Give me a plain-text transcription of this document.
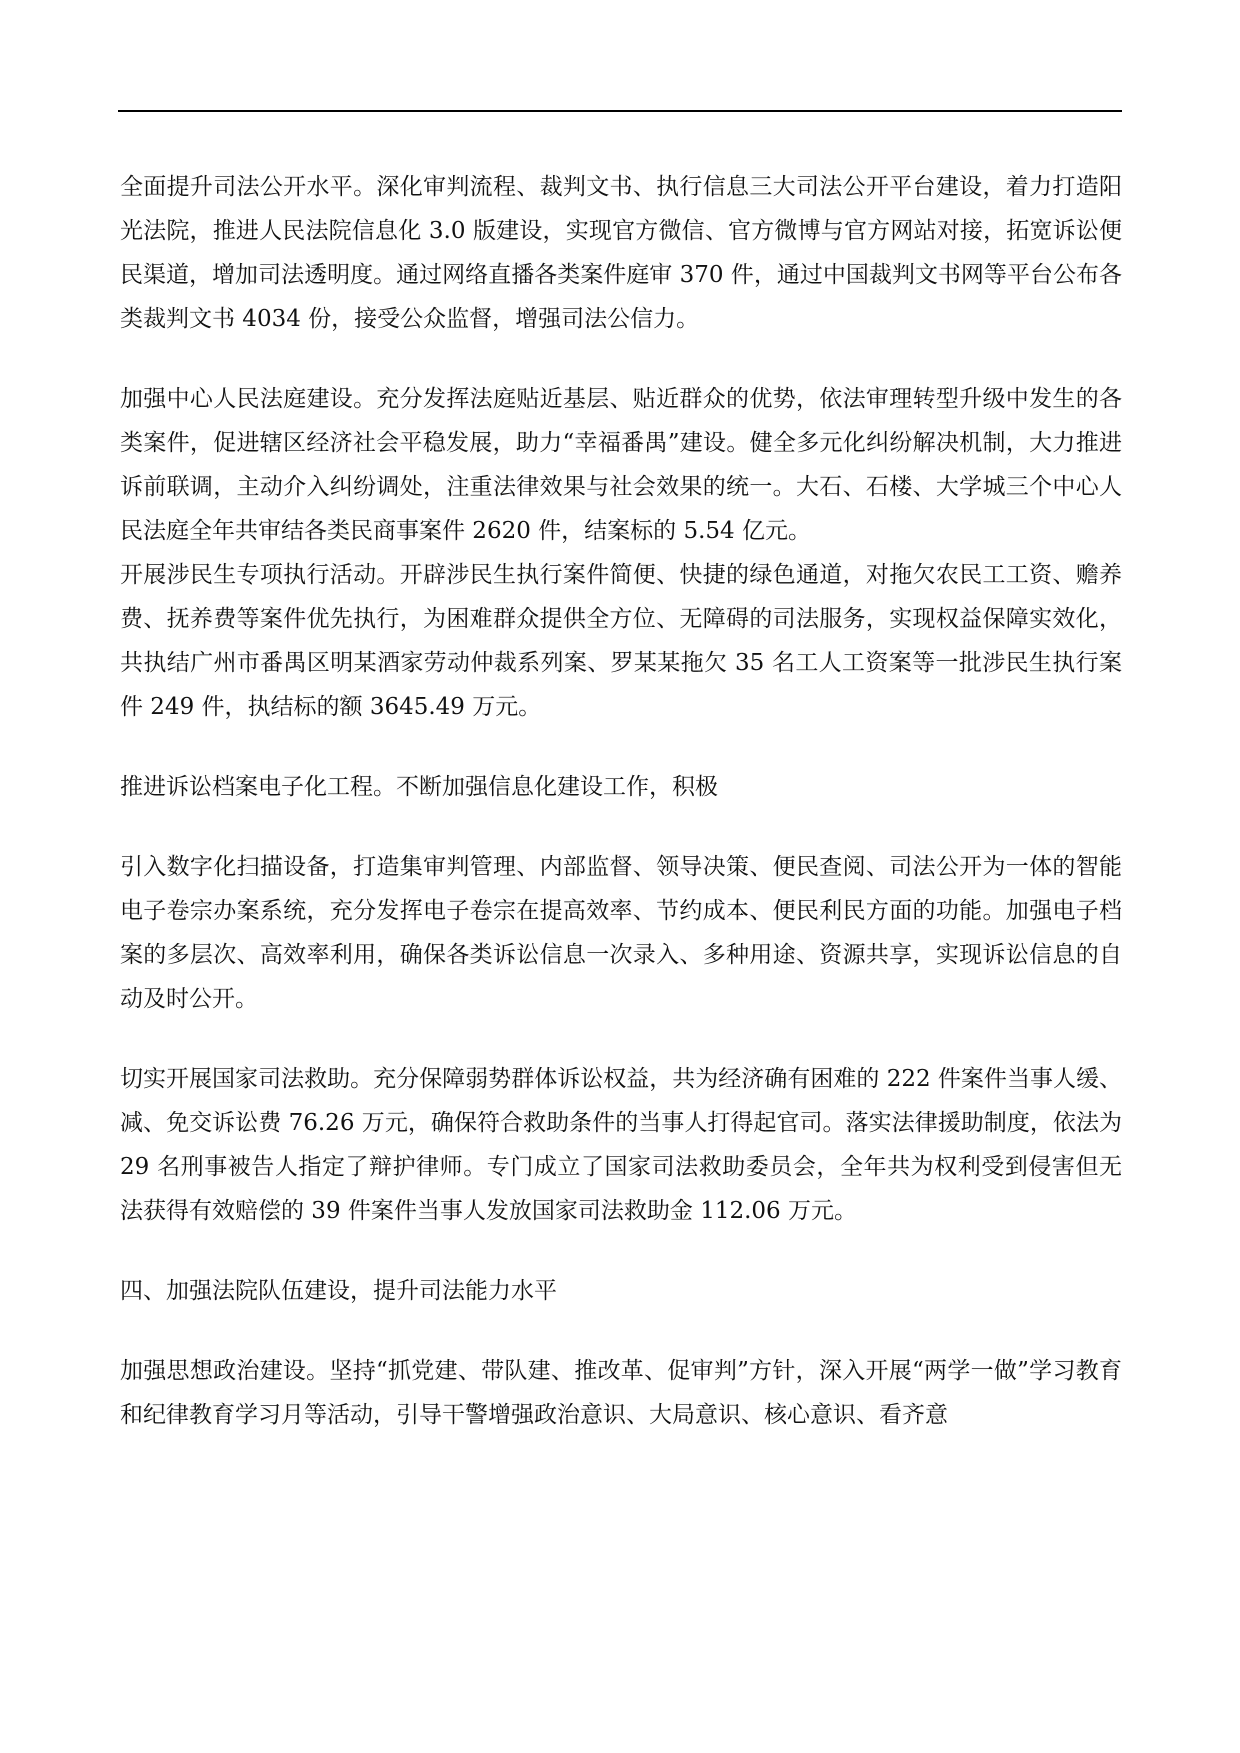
全面提升司法公开水平。深化审判流程、裁判文书、执行信息三大司法公开平台建设，着力打造阳光法院，推进人民法院信息化 3.0 版建设，实现官方微信、官方微博与官方网站对接，拓宽诉讼便民渠道，增加司法透明度。通过网络直播各类案件庭审 370 件，通过中国裁判文书网等平台公布各类裁判文书 4034 份，接受公众监督，增强司法公信力。

加强中心人民法庭建设。充分发挥法庭贴近基层、贴近群众的优势，依法审理转型升级中发生的各类案件，促进辖区经济社会平稳发展，助力“幸福番禺”建设。健全多元化纠纷解决机制，大力推进诉前联调，主动介入纠纷调处，注重法律效果与社会效果的统一。大石、石楼、大学城三个中心人民法庭全年共审结各类民商事案件 2620 件，结案标的 5.54 亿元。

开展涉民生专项执行活动。开辟涉民生执行案件简便、快捷的绿色通道，对拖欠农民工工资、赡养费、抚养费等案件优先执行，为困难群众提供全方位、无障碍的司法服务，实现权益保障实效化，共执结广州市番禺区明某酒家劳动仲裁系列案、罗某某拖欠 35 名工人工资案等一批涉民生执行案件 249 件，执结标的额 3645.49 万元。

推进诉讼档案电子化工程。不断加强信息化建设工作，积极

引入数字化扫描设备，打造集审判管理、内部监督、领导决策、便民查阅、司法公开为一体的智能电子卷宗办案系统，充分发挥电子卷宗在提高效率、节约成本、便民利民方面的功能。加强电子档案的多层次、高效率利用，确保各类诉讼信息一次录入、多种用途、资源共享，实现诉讼信息的自动及时公开。

切实开展国家司法救助。充分保障弱势群体诉讼权益，共为经济确有困难的 222 件案件当事人缓、减、免交诉讼费 76.26 万元，确保符合救助条件的当事人打得起官司。落实法律援助制度，依法为 29 名刑事被告人指定了辩护律师。专门成立了国家司法救助委员会，全年共为权利受到侵害但无法获得有效赔偿的 39 件案件当事人发放国家司法救助金 112.06 万元。

四、加强法院队伍建设，提升司法能力水平

加强思想政治建设。坚持“抓党建、带队建、推改革、促审判”方针，深入开展“两学一做”学习教育和纪律教育学习月等活动，引导干警增强政治意识、大局意识、核心意识、看齐意
